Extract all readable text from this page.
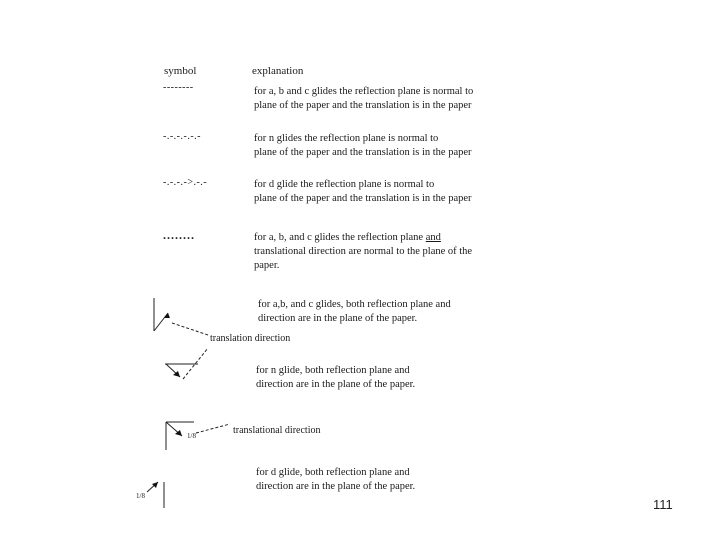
symbol	explanation
--------	for a, b and c glides the reflection plane is normal to
plane of the paper and the translation is in the paper
-.-.-.-.-.-	for n glides the reflection plane is normal to
plane of the paper and the translation is in the paper
-.-.-.->.-.-	for d glide the reflection plane is normal to
plane of the paper and the translation is in the paper
........	for a, b, and c glides the reflection plane and
translational direction are normal to the plane of the
paper.
for a,b, and c glides, both reflection plane and
direction are in the plane of the paper.
for n glide, both reflection plane and
direction are in the plane of the paper.
for d glide, both reflection plane and
direction are in the plane of the paper.
translation direction
translational direction
1/8
1/8
111
